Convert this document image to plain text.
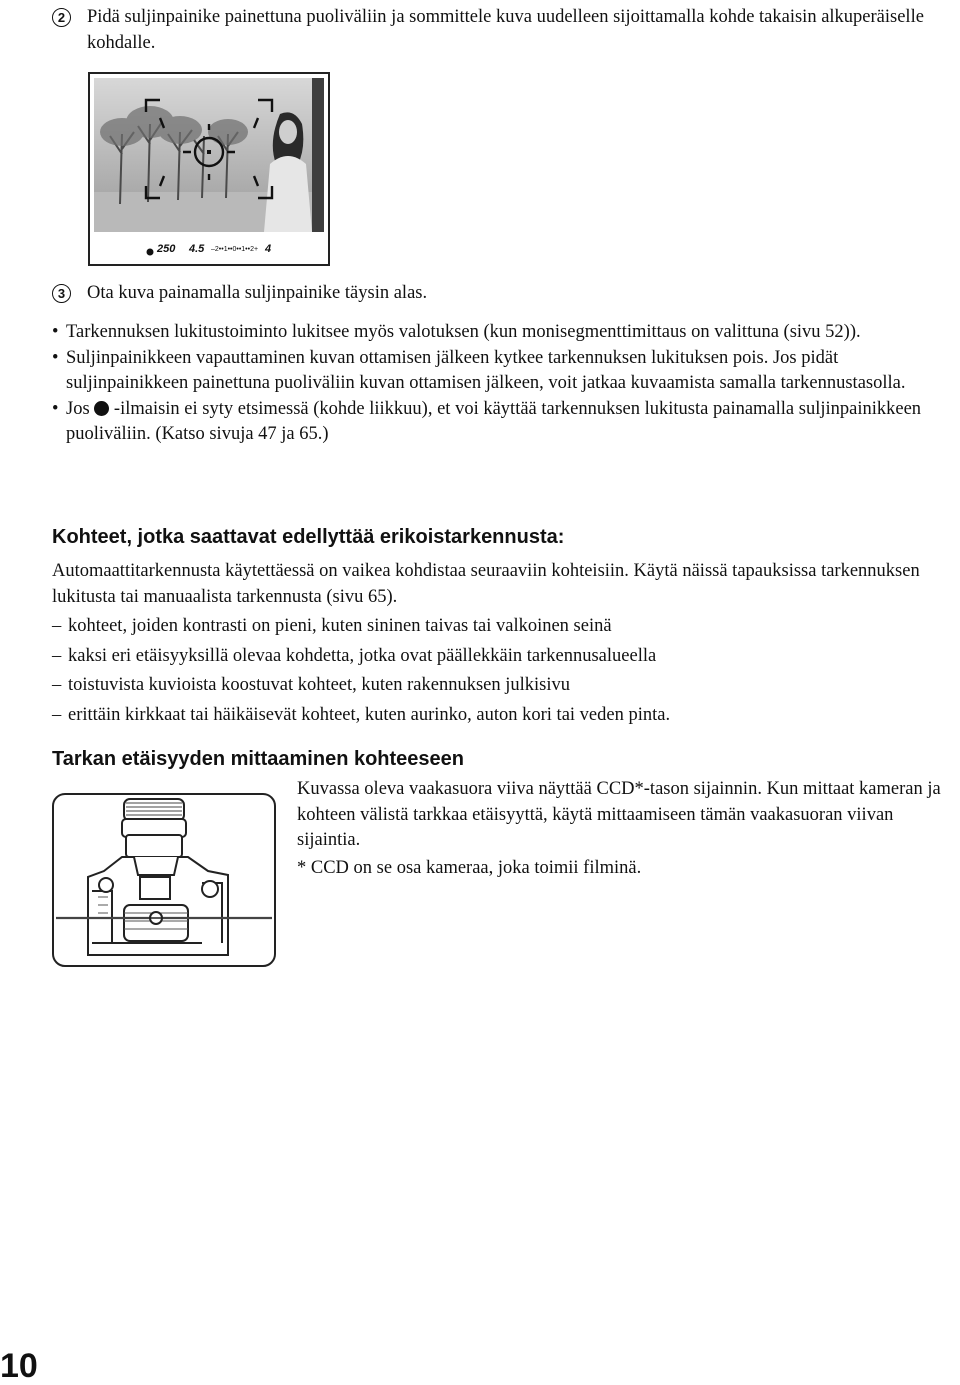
2	Pidä suljinpainike painettuna puoliväliin ja sommittele kuva uudelleen sijoittamalla kohde takaisin alkuperäiselle kohdalle.
250 4.5 –2••1••0••1••2+ 4
3	Ota kuva painamalla suljinpainike täysin alas.
• Tarkennuksen lukitustoiminto lukitsee myös valotuksen (kun monisegmenttimittaus on valittuna (sivu 52)).
• Suljinpainikkeen vapauttaminen kuvan ottamisen jälkeen kytkee tarkennuksen lukituksen pois. Jos pidät suljinpainikkeen painettuna puoliväliin kuvan ottamisen jälkeen, voit jatkaa kuvaamista samalla tarkennustasolla.
• Jos -ilmaisin ei syty etsimessä (kohde liikkuu), et voi käyttää tarkennuksen lukitusta painamalla suljinpainikkeen puoliväliin. (Katso sivuja 47 ja 65.)
Kohteet, jotka saattavat edellyttää erikoistarkennusta:
Automaattitarkennusta käytettäessä on vaikea kohdistaa seuraaviin kohteisiin. Käytä näissä tapauksissa tarkennuksen lukitusta tai manuaalista tarkennusta (sivu 65).
– kohteet, joiden kontrasti on pieni, kuten sininen taivas tai valkoinen seinä
– kaksi eri etäisyyksillä olevaa kohdetta, jotka ovat päällekkäin tarkennusalueella
– toistuvista kuvioista koostuvat kohteet, kuten rakennuksen julkisivu
– erittäin kirkkaat tai häikäisevät kohteet, kuten aurinko, auton kori tai veden pinta.
Tarkan etäisyyden mittaaminen kohteeseen
Kuvassa oleva vaakasuora viiva näyttää CCD*-tason sijainnin. Kun mittaat kameran ja kohteen välistä tarkkaa etäisyyttä, käytä mittaamiseen tämän vaakasuoran viivan sijaintia.
* CCD on se osa kameraa, joka toimii filminä.
10
